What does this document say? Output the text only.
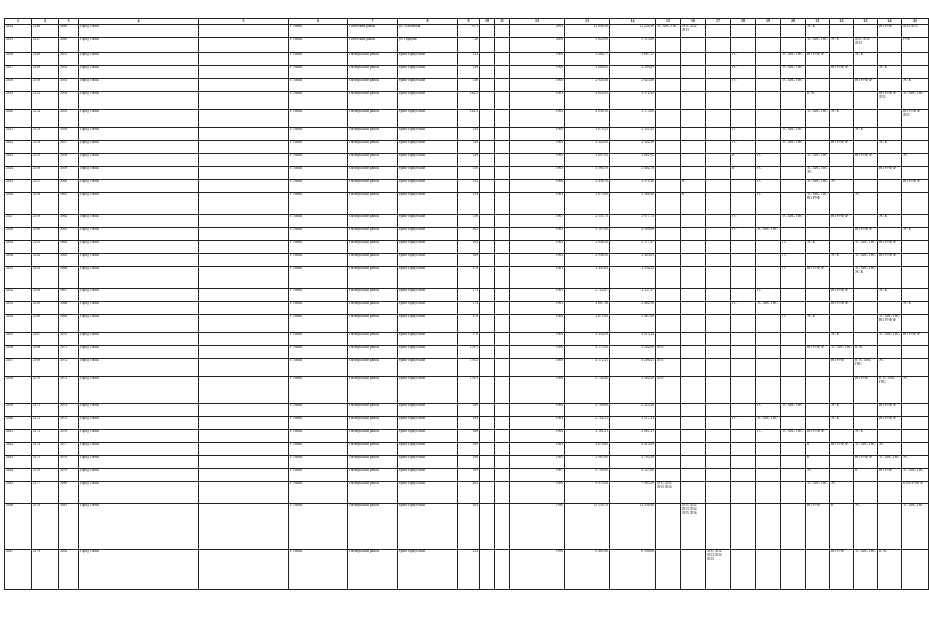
1	2	3	4	5	6	7	8	9	10	11	12	13	14	15	16	17	18	19	20	21	22	23	24	25
2614	2146	3048	Город Томск		г. Томск	Советский район	ул. Алтайская	97/1			2991	12 098,30	11 226,30	ТС ХВС ГВС	ЛО1 ЛО2 ЛО3					ЭС К			ВО РУФ	ЛО4 ЛО5
2615	2147	3049	Город Томск		г. Томск	Советский район	ул. Герцена	26			2008	5 620,90	5 113,60							ТС ХВС ГВС	ЭС К	ЛО1 ЛО2 ЛО3		РУФ
2616	2148	3051	Город Томск		г. Томск	Октябрьский район	тракт Иркутский	134			1969	5 280,77	3 687,17				ГС		ТС ХВС ГВС	ВО РУФ Ф		ЭС К		
2617	2149	3052	Город Томск		г. Томск	Октябрьский район	тракт Иркутский	136			1969	3 684,85	2 299,85				ГС		ТС ХВС ГВС		ВО РУФ Ф		ЭС К	
2618	2150	3053	Город Томск		г. Томск	Октябрьский район	тракт Иркутский	138			1966	2 920,36	2 623,88				ГС		ТС ХВС ГВС			ВО РУФ Ф		ЭС К
2619	2151	3054	Город Томск		г. Томск	Октябрьский район	тракт Иркутский	142/2			1981	4 052,95	3 172,45							К ЭС			ВО РУФ Ф ЛО1	ТС ХВС ГВС
2620	2152	3055	Город Томск		г. Томск	Октябрьский район	тракт Иркутский	142/3			1982	4 036,10	3 175,60							ТС ХВС ГВС	ЭС К			ВО РУФ Ф ЛО1
2621	2153	3056	Город Томск		г. Томск	Октябрьский район	тракт Иркутский	144			1969	3 079,25	2 351,45				ГС		ТС ХВС ГВС			ЭС К		
2622	2154	3057	Город Томск		г. Томск	Октябрьский район	тракт Иркутский	146			1963	3 320,30	2 320,30				ГС		ТС ХВС ГВС		ВО РУФ Ф		ЭС К	
2623	2155	3058	Город Томск		г. Томск	Октябрьский район	тракт Иркутский	148			1965	3 697,02	2 601,92				К	ГС		ТС ХВС ГВС		ВО РУФ Ф		ЭС
2624	2156	3059	Город Томск		г. Томск	Октябрьский район	тракт Иркутский	150			1963	3 580,70	2 402,70				К	ГС		ТС ХВС ГВС ЭС			ВО РУФ Ф	
2625	2157	3060	Город Томск		г. Томск	Октябрьский район	тракт Иркутский	152			1966	2 436,70	2 179,30		К			ГС		ТС ХВС ГВС	ЭС			ВО РУФ Ф
2626	2158	3061	Город Томск		г. Томск	Октябрьский район	тракт Иркутский	154			1963	3 673,90	3 166,90		К			ГС		ТС ХВС ГВС ВО РУФ		ЭС		
2627	2159	3062	Город Томск		г. Томск	Октябрьский район	тракт Иркутский	156			1967	2 131,75	1 977,75				ГС		ТС ХВС ГВС		ВО РУФ Ф		ЭС К	
2628	2160	3063	Город Томск		г. Томск	Октябрьский район	тракт Иркутский	162			1963	3 107,00	2 509,88				ГС	ТС ХВС ГВС				ВО РУФ Ф		ЭС К
2629	2161	3064	Город Томск		г. Томск	Октябрьский район	тракт Иркутский	164			1962	2 948,36	2 177,47						ГС	ЭС К		ТС ХВС ГВС	ВО РУФ Ф	
2630	2162	3065	Город Томск		г. Томск	Октябрьский район	тракт Иркутский	168			1962	2 948,92	2 403,63						ГС		ЭС К	ТС ХВС ГВС	ВО РУФ Ф	
2631	2163	3066	Город Томск		г. Томск	Октябрьский район	тракт Иркутский	170			1963	3 443,04	2 556,52						ГС	ВО РУФ Ф		ТС ХВС ГВС ЭС К		
2632	2164	3067	Город Томск		г. Томск	Октябрьский район	тракт Иркутский	172			1965	2 722,67	2 537,57					ГС			ВО РУФ Ф		ЭС К	
2633	2165	3068	Город Томск		г. Томск	Октябрьский район	тракт Иркутский	174			1965	2 667,16	2 482,96				ГС	ТС ХВС ГВС			ВО РУФ Ф			ЭС К
2634	2166	3069	Город Томск		г. Томск	Октябрьский район	тракт Иркутский	176			1964	2 871,60	2 487,00						ГС	ЭС К			ТС ХВС ГВС ВО РУФ Ф	
2635	2167	3070	Город Томск		г. Томск	Октябрьский район	тракт Иркутский	178			1964	3 352,09	2 513,44								ЭС К		ТС ХВС ГВС	ВО РУФ Ф
2636	2168	3071	Город Томск		г. Томск	Октябрьский район	тракт Иркутский	178/1			1988	4 173,50	3 202,60	ЛО1						ВО РУФ Ф	ТС ХВС ГВС	К ЭС		
2637	2169	3072	Город Томск		г. Томск	Октябрьский район	тракт Иркутский	178/2			1988	4 172,21	3 206,41	ЛО1							ВО РУФ	К ТС ХВС ГВС	ЭС	
2638	2170	3073	Город Томск		г. Томск	Октябрьский район	тракт Иркутский	178/3			1988	4 744,80	3 580,20	ЛО1								ВО РУФ	К ТС ХВС ГВС	ЭС
2639	2171	3074	Город Томск		г. Томск	Октябрьский район	тракт Иркутский	180			1964	2 708,00	2 523,20					ГС	ТС ХВС ГВС		ЭС К		ВО РУФ Ф	
2640	2172	3075	Город Томск		г. Томск	Октябрьский район	тракт Иркутский	184			1963	2 702,51	2 517,21				ГС	ТС ХВС ГВС			ЭС К		ВО РУФ Ф	
2641	2173	3076	Город Томск		г. Томск	Октябрьский район	тракт Иркутский	186			1964	3 161,21	2 861,21					ГС	ТС ХВС ГВС	ВО РУФ Ф		ЭС К		
2642	2174	3077	Город Томск		г. Томск	Октябрьский район	тракт Иркутский	190			1982	4 878,80	4 413,89							К	ВО РУФ Ф	ТС ХВС ГВС	ЭС	
2643	2175	3078	Город Томск		г. Томск	Октябрьский район	тракт Иркутский	196			1985	2 983,90	2 703,50							К		ВО РУФ Ф	ТС ХВС ГВС	ЭС
2644	2176	3079	Город Томск		г. Томск	Октябрьский район	тракт Иркутский	198			1987	4 749,90	4 127,60							ЭС		К	ВО РУФ	ТС ХВС ГВС
2645	2177	3080	Город Томск		г. Томск	Октябрьский район	тракт Иркутский	202			1988	9 979,28	7 963,50	ЛО1 ЛО2 ЛО3 ЛО4						ТС ХВС ГВС	ЭС			К ВО РУФ Ф
2646	2178	3081	Город Томск		г. Томск	Октябрьский район	тракт Иркутский	204			1990	13 156,70	12 256,90		ЛО1 ЛО2 ЛО3 ЛО4 ЛО5 ЛО6					ВО РУФ	К	ЭС		ТС ХВС ГВС
2647	2179	3082	Город Томск		г. Томск	Октябрьский район	тракт Иркутский	212			1996	9 401,80	8 596,60			ЛО1 ЛО2 ЛО3 ЛО4 ЛО5					ВО РУФ	ТС ХВС ГВС	К ЭС	
